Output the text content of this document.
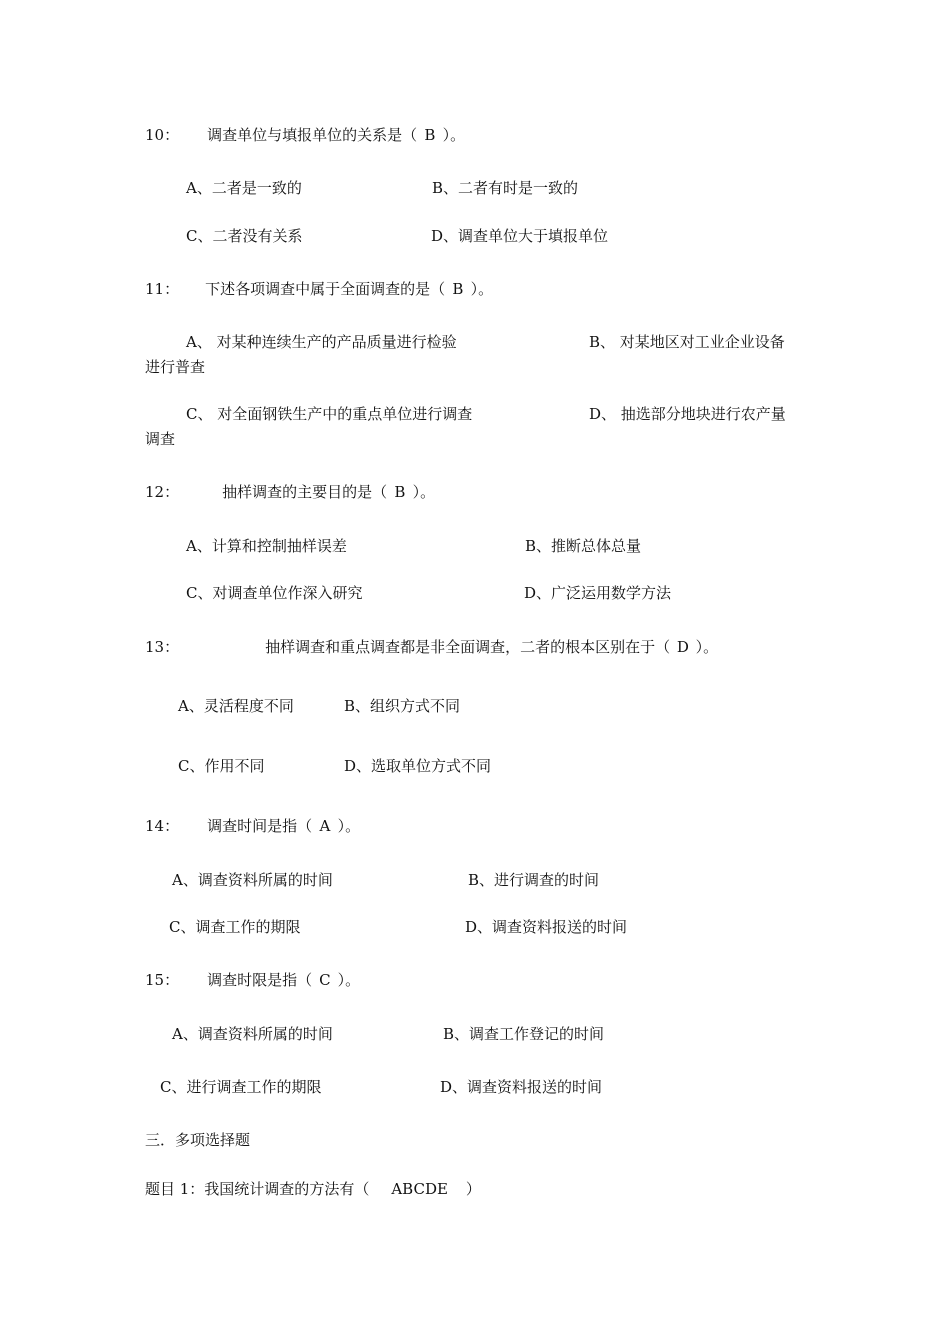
10： 调查单位与填报单位的关系是（ B ）。
A、二者是一致的	B、二者有时是一致的
C、二者没有关系	D、调查单位大于填报单位
11： 下述各项调查中属于全面调查的是（ B ）。
A、 对某种连续生产的产品质量进行检验	B、 对某地区对工业企业设备
进行普查
C、 对全面钢铁生产中的重点单位进行调查	D、 抽选部分地块进行农产量
调查
12：	抽样调查的主要目的是（ B ）。
A、计算和控制抽样误差	B、推断总体总量
C、对调查单位作深入研究	D、广泛运用数学方法
13：	抽样调查和重点调查都是非全面调查，二者的根本区别在于（ D ）。
A、灵活程度不同	B、组织方式不同
C、作用不同	D、选取单位方式不同
14： 调查时间是指（ A ）。
A、调查资料所属的时间	B、进行调查的时间
C、调查工作的期限	D、调查资料报送的时间
15： 调查时限是指（ C ）。
A、调查资料所属的时间	B、调查工作登记的时间
C、进行调查工作的期限	D、调查资料报送的时间
三．多项选择题
题目 1：我国统计调查的方法有（ ABCDE ）
